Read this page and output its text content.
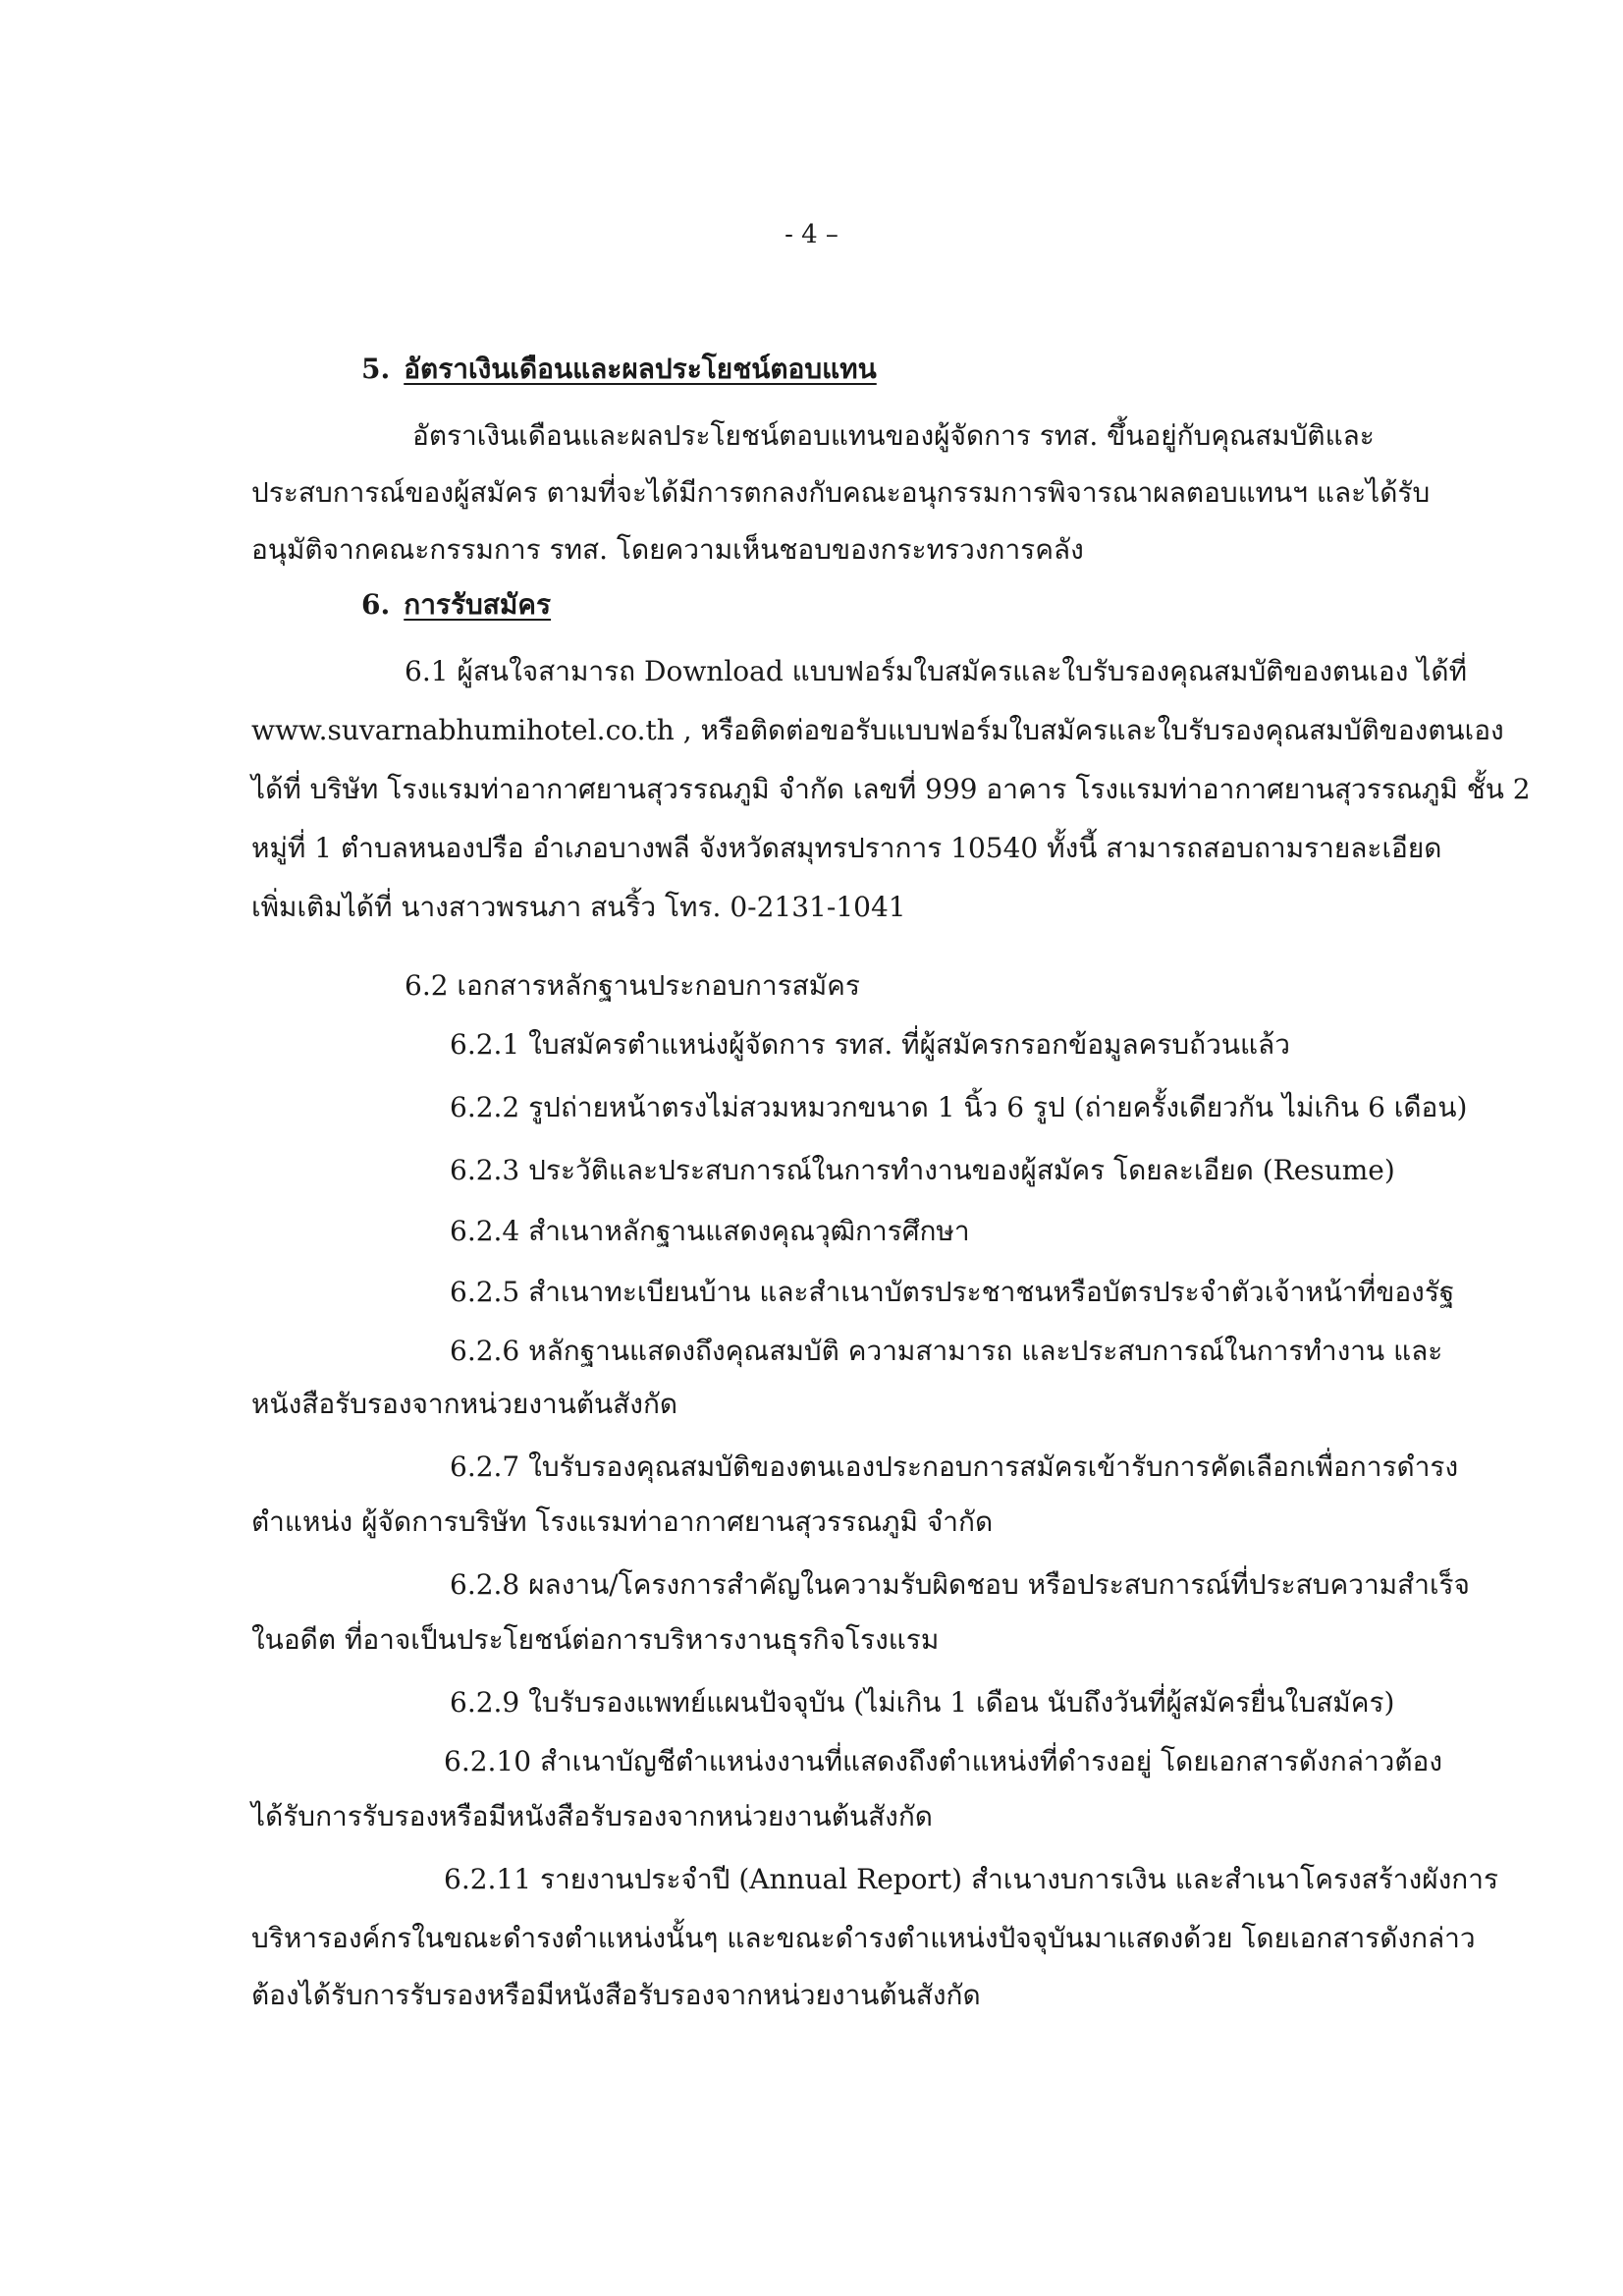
- 4 –
5. อัตราเงินเดือนและผลประโยชน์ตอบแทน
อัตราเงินเดือนและผลประโยชน์ตอบแทนของผู้จัดการ รทส. ขึ้นอยู่กับคุณสมบัติและ
ประสบการณ์ของผู้สมัคร ตามที่จะได้มีการตกลงกับคณะอนุกรรมการพิจารณาผลตอบแทนฯ และได้รับ
อนุมัติจากคณะกรรมการ รทส. โดยความเห็นชอบของกระทรวงการคลัง
6. การรับสมัคร
6.1 ผู้สนใจสามารถ Download แบบฟอร์มใบสมัครและใบรับรองคุณสมบัติของตนเอง ได้ที่
www.suvarnabhumihotel.co.th , หรือติดต่อขอรับแบบฟอร์มใบสมัครและใบรับรองคุณสมบัติของตนเอง
ได้ที่ บริษัท โรงแรมท่าอากาศยานสุวรรณภูมิ จำกัด เลขที่ 999 อาคาร โรงแรมท่าอากาศยานสุวรรณภูมิ ชั้น 2
หมู่ที่ 1 ตำบลหนองปรือ อำเภอบางพลี จังหวัดสมุทรปราการ 10540 ทั้งนี้ สามารถสอบถามรายละเอียด
เพิ่มเติมได้ที่ นางสาวพรนภา สนริ้ว โทร. 0-2131-1041
6.2 เอกสารหลักฐานประกอบการสมัคร
6.2.1 ใบสมัครตำแหน่งผู้จัดการ รทส. ที่ผู้สมัครกรอกข้อมูลครบถ้วนแล้ว
6.2.2 รูปถ่ายหน้าตรงไม่สวมหมวกขนาด 1 นิ้ว 6 รูป (ถ่ายครั้งเดียวกัน ไม่เกิน 6 เดือน)
6.2.3 ประวัติและประสบการณ์ในการทำงานของผู้สมัคร โดยละเอียด (Resume)
6.2.4 สำเนาหลักฐานแสดงคุณวุฒิการศึกษา
6.2.5 สำเนาทะเบียนบ้าน และสำเนาบัตรประชาชนหรือบัตรประจำตัวเจ้าหน้าที่ของรัฐ
6.2.6 หลักฐานแสดงถึงคุณสมบัติ ความสามารถ และประสบการณ์ในการทำงาน และ
หนังสือรับรองจากหน่วยงานต้นสังกัด
6.2.7 ใบรับรองคุณสมบัติของตนเองประกอบการสมัครเข้ารับการคัดเลือกเพื่อการดำรง
ตำแหน่ง ผู้จัดการบริษัท โรงแรมท่าอากาศยานสุวรรณภูมิ จำกัด
6.2.8 ผลงาน/โครงการสำคัญในความรับผิดชอบ หรือประสบการณ์ที่ประสบความสำเร็จ
ในอดีต ที่อาจเป็นประโยชน์ต่อการบริหารงานธุรกิจโรงแรม
6.2.9 ใบรับรองแพทย์แผนปัจจุบัน (ไม่เกิน 1 เดือน นับถึงวันที่ผู้สมัครยื่นใบสมัคร)
6.2.10 สำเนาบัญชีตำแหน่งงานที่แสดงถึงตำแหน่งที่ดำรงอยู่ โดยเอกสารดังกล่าวต้อง
ได้รับการรับรองหรือมีหนังสือรับรองจากหน่วยงานต้นสังกัด
6.2.11 รายงานประจำปี (Annual Report) สำเนางบการเงิน และสำเนาโครงสร้างผังการ
บริหารองค์กรในขณะดำรงตำแหน่งนั้นๆ และขณะดำรงตำแหน่งปัจจุบันมาแสดงด้วย โดยเอกสารดังกล่าว
ต้องได้รับการรับรองหรือมีหนังสือรับรองจากหน่วยงานต้นสังกัด
